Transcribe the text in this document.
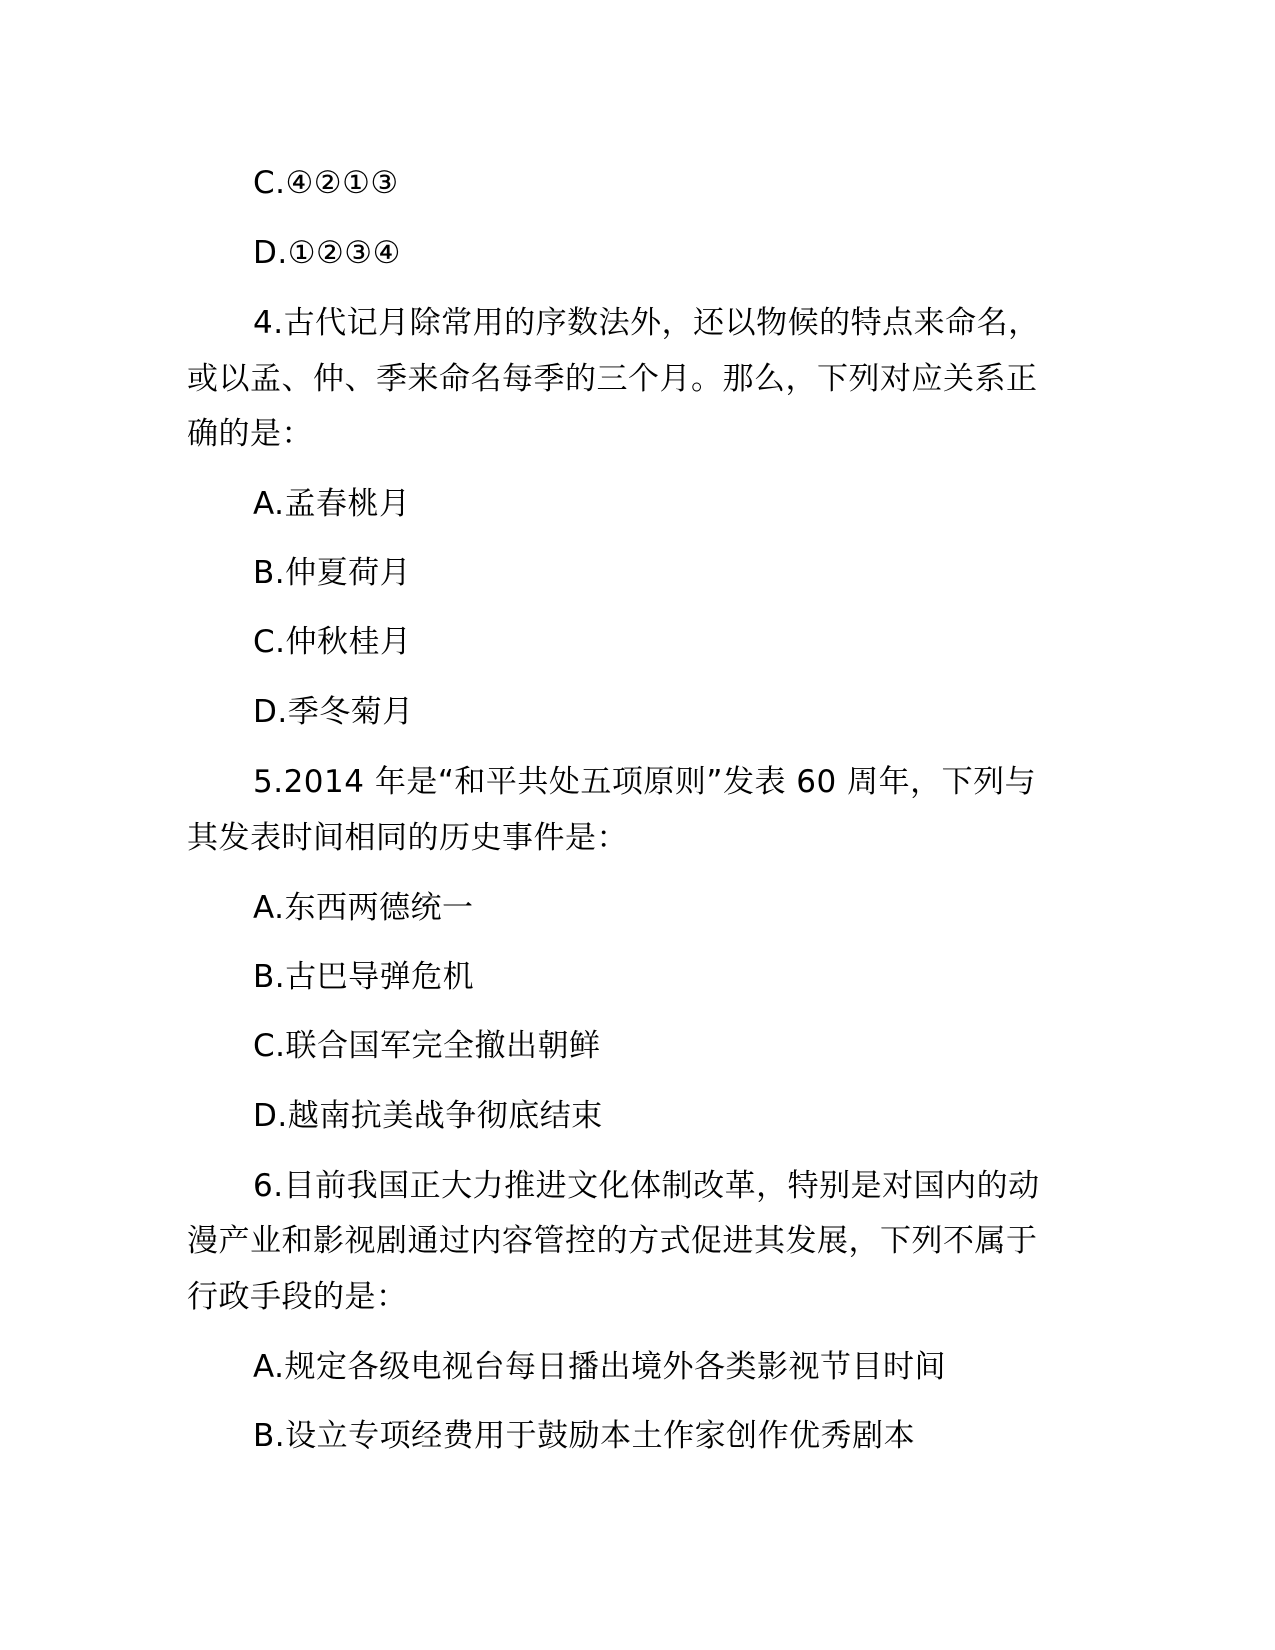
C.④②①③
D.①②③④
4.古代记月除常用的序数法外，还以物候的特点来命名，
或以孟、仲、季来命名每季的三个月。那么，下列对应关系正
确的是：
A.孟春桃月
B.仲夏荷月
C.仲秋桂月
D.季冬菊月
5.2014 年是“和平共处五项原则”发表 60 周年，下列与
其发表时间相同的历史事件是：
A.东西两德统一
B.古巴导弹危机
C.联合国军完全撤出朝鲜
D.越南抗美战争彻底结束
6.目前我国正大力推进文化体制改革，特别是对国内的动
漫产业和影视剧通过内容管控的方式促进其发展，下列不属于
行政手段的是：
A.规定各级电视台每日播出境外各类影视节目时间
B.设立专项经费用于鼓励本土作家创作优秀剧本
